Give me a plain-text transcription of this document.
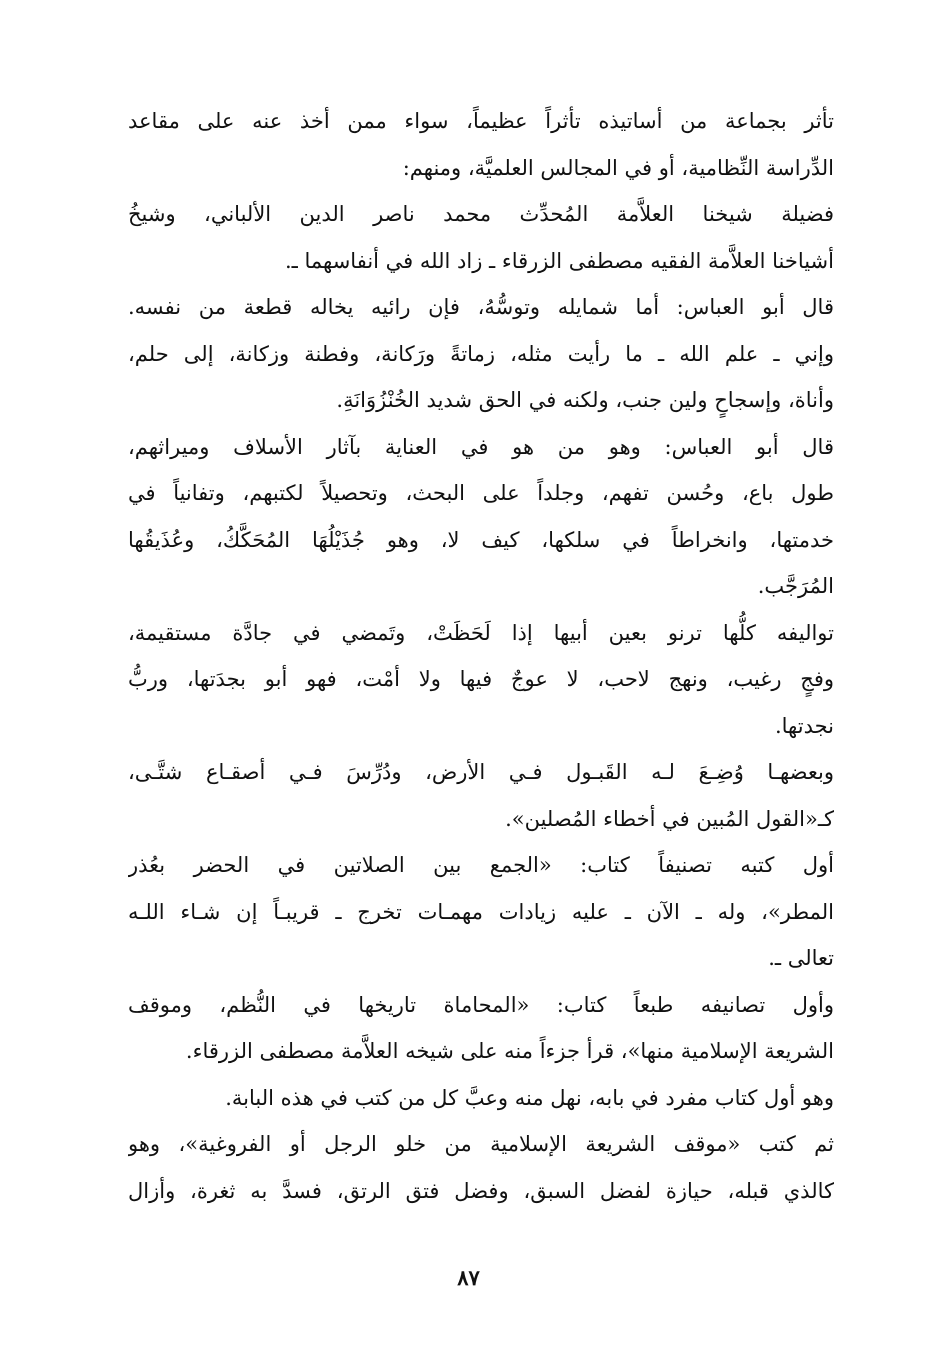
تأثر بجماعة من أساتيذه تأثراً عظيماً، سواء ممن أخذ عنه على مقاعد
الدِّراسة النِّظامية، أو في المجالس العلميَّة، ومنهم:
فضيلة شيخنا العلاَّمة المُحدِّث محمد ناصر الدين الألباني، وشيخُ
أشياخنا العلاَّمة الفقيه مصطفى الزرقاء ـ زاد الله في أنفاسهما ـ.
قال أبو العباس: أما شمايله وتوسُّهُ، فإن رائيه يخاله قطعة من نفسه.
وإني ـ علم الله ـ ما رأيت مثله، زماتةً ورَكانة، وفطنة وزكانة، إلى حلم،
وأناة، وإسجاحٍ ولين جنب، ولكنه في الحق شديد الخُنْزُوَانَةِ.
قال أبو العباس: وهو من هو في العناية بآثار الأسلاف وميراثهم،
طول باع، وحُسن تفهم، وجلداً على البحث، وتحصيلاً لكتبهم، وتفانياً في
خدمتها، وانخراطاً في سلكها، كيف لا، وهو جُذَيْلُهَا المُحَكَّكُ، وعُذَيقُها
المُرَجَّب.
تواليفه كلُّها ترنو بعين أبيها إذا لَحَظَتْ، وتَمضي في جادَّة مستقيمة،
وفجٍ رغيب، ونهج لاحب، لا عوجٌ فيها ولا أمْت، فهو أبو بجدَتها، وربُّ
نجدتها.
وبعضهـا وُضِـعَ لـه القَبـول فـي الأرض، ودُرِّسَ فـي أصقـاع شتَّـى،
كـ«القول المُبين في أخطاء المُصلين».
أول كتبه تصنيفاً كتاب: «الجمع بين الصلاتين في الحضر بعُذر
المطر»، وله ـ الآن ـ عليه زيادات مهمـات تخرج ـ قريبـاً إن شـاء اللـه
تعالى ـ.
وأول تصانيفه طبعاً كتاب: «المحاماة تاريخها في النُّظم، وموقف
الشريعة الإسلامية منها»، قرأ جزءاً منه على شيخه العلاَّمة مصطفى الزرقاء.
وهو أول كتاب مفرد في بابه، نهل منه وعبَّ كل من كتب في هذه البابة.
ثم كتب «موقف الشريعة الإسلامية من خلو الرجل أو الفروغية»، وهو
كالذي قبله، حيازة لفضل السبق، وفضل فتق الرتق، فسدَّ به ثغرة، وأزال
٨٧
